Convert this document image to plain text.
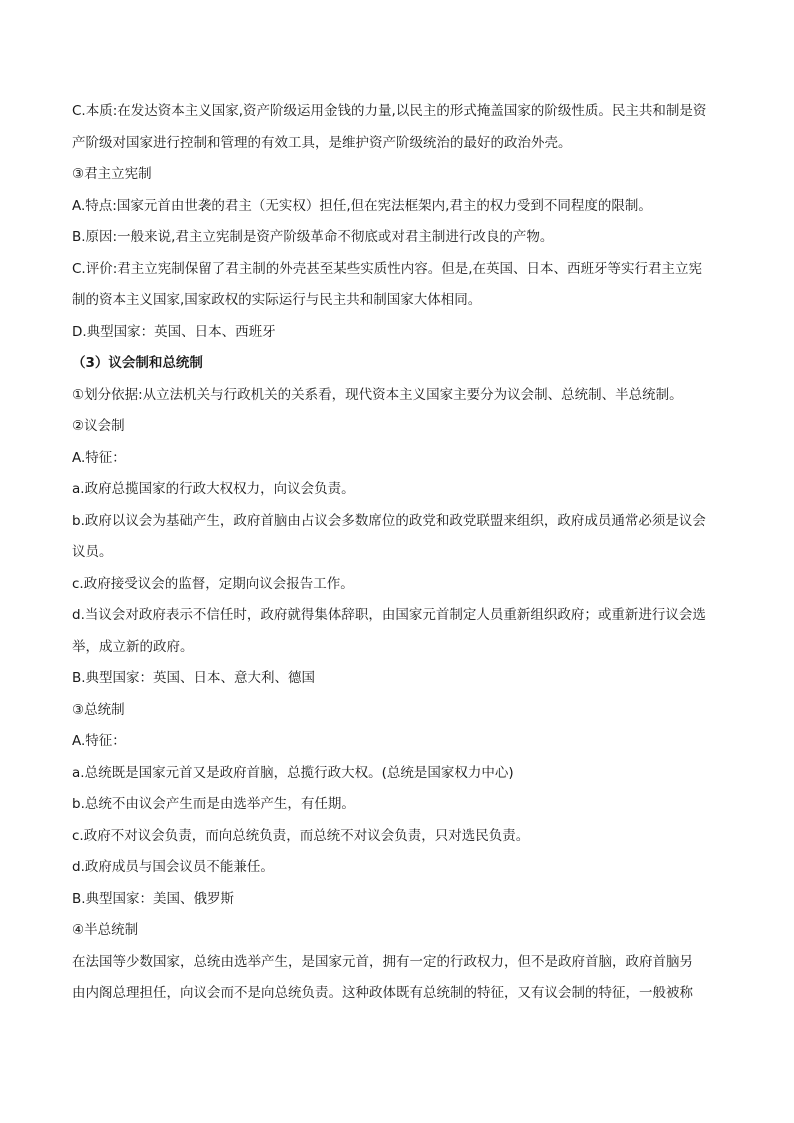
C.本质:在发达资本主义国家,资产阶级运用金钱的力量,以民主的形式掩盖国家的阶级性质。民主共和制是资
产阶级对国家进行控制和管理的有效工具，是维护资产阶级统治的最好的政治外壳。
③君主立宪制
A.特点:国家元首由世袭的君主（无实权）担任,但在宪法框架内,君主的权力受到不同程度的限制。
B.原因:一般来说,君主立宪制是资产阶级革命不彻底或对君主制进行改良的产物。
C.评价:君主立宪制保留了君主制的外壳甚至某些实质性内容。但是,在英国、日本、西班牙等实行君主立宪
制的资本主义国家,国家政权的实际运行与民主共和制国家大体相同。
D.典型国家：英国、日本、西班牙
（3）议会制和总统制
①划分依据:从立法机关与行政机关的关系看，现代资本主义国家主要分为议会制、总统制、半总统制。
②议会制
A.特征：
a.政府总揽国家的行政大权权力，向议会负责。
b.政府以议会为基础产生，政府首脑由占议会多数席位的政党和政党联盟来组织，政府成员通常必须是议会
议员。
c.政府接受议会的监督，定期向议会报告工作。
d.当议会对政府表示不信任时，政府就得集体辞职，由国家元首制定人员重新组织政府；或重新进行议会选
举，成立新的政府。
B.典型国家：英国、日本、意大利、德国
③总统制
A.特征：
a.总统既是国家元首又是政府首脑，总揽行政大权。(总统是国家权力中心)
b.总统不由议会产生而是由选举产生，有任期。
c.政府不对议会负责，而向总统负责，而总统不对议会负责，只对选民负责。
d.政府成员与国会议员不能兼任。
B.典型国家：美国、俄罗斯
④半总统制
在法国等少数国家，总统由选举产生，是国家元首，拥有一定的行政权力，但不是政府首脑，政府首脑另
由内阁总理担任，向议会而不是向总统负责。这种政体既有总统制的特征，又有议会制的特征，一般被称
